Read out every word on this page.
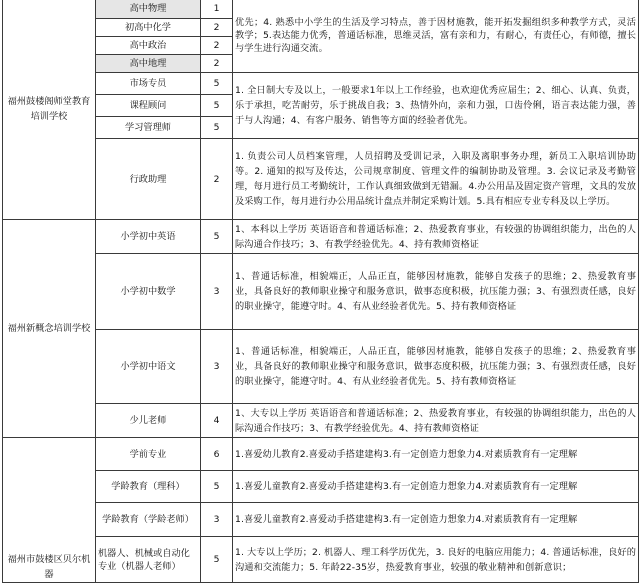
福州鼓楼阁师堂教育培训学校	高中物理	1	优先；4. 熟悉中小学生的生活及学习特点，善于因材施教，能开拓发掘组织多种教学方式，灵活教学；5.表达能力优秀，普通话标准，思维灵活，富有亲和力，有耐心，有责任心，有师德，擅长与学生进行沟通交流。
	初高中化学	2	
	高中政治	2	
	高中地理	2	
	市场专员	5	1. 全日制大专及以上，一般要求1年以上工作经验，也欢迎优秀应届生；2、细心、认真、负责，乐于承担，吃苦耐劳，乐于挑战自我；3、热情外向，亲和力强，口齿伶俐，语言表达能力强，善于与人沟通；4、有客户服务、销售等方面的经验者优先。
	课程顾问	5	
	学习管理师	5	
	行政助理	2	1. 负责公司人员档案管理，人员招聘及受训记录，入职及离职事务办理，新员工入职培训协助等。2. 通知的拟写及传达，公司规章制度、管理文件的编制协助及管理。3. 会议记录及考勤管理，每月进行员工考勤统计，工作认真细致做到无错漏。4.办公用品及固定资产管理，文具的发放及采购工作，每月进行办公用品统计盘点并制定采购计划。5.具有相应专业专科及以上学历。
福州新概念培训学校	小学初中英语	5	1、本科以上学历 英语语音和普通话标准；2、热爱教育事业，有较强的协调组织能力，出色的人际沟通合作技巧；3、有教学经验优先。4、持有教师资格证
	小学初中数学	3	1、普通话标准，相貌端正，人品正直，能够因材施教，能够自发孩子的思维；2、热爱教育事业，具备良好的教师职业操守和服务意识，做事态度积极，抗压能力强；3、有强烈责任感，良好的职业操守，能遵守时。4、有从业经验者优先。5、持有教师资格证
	小学初中语文	3	1、普通话标准，相貌端正，人品正直，能够因材施教，能够自发孩子的思维；2、热爱教育事业，具备良好的教师职业操守和服务意识，做事态度积极，抗压能力强；3、有强烈责任感，良好的职业操守，能遵守时。4、有从业经验者优先。5、持有教师资格证
	少儿老师	4	1、大专以上学历 英语语音和普通话标准；2、热爱教育事业，有较强的协调组织能力，出色的人际沟通合作技巧；3、有教学经验优先。4、持有教师资格证
福州市鼓楼区贝尔机器	学前专业	6	1.喜爱幼儿教育2.喜爱动手搭建建构3.有一定创造力想象力4.对素质教育有一定理解
	学龄教育（理科）	5	1.喜爱儿童教育2.喜爱动手搭建建构3.有一定创造力想象力4.对素质教育有一定理解
	学龄教育（学龄老师）	3	1.喜爱儿童教育2.喜爱动手搭建建构3.有一定创造力想象力4.对素质教育有一定理解
	机器人、机械或自动化专业（机器人老师）	5	1. 大专以上学历；2. 机器人、理工科学历优先，3. 良好的电脑应用能力；4. 普通话标准，良好的沟通和交流能力；5. 年龄22-35岁，热爱教育事业，较强的敬业精神和创新意识；
